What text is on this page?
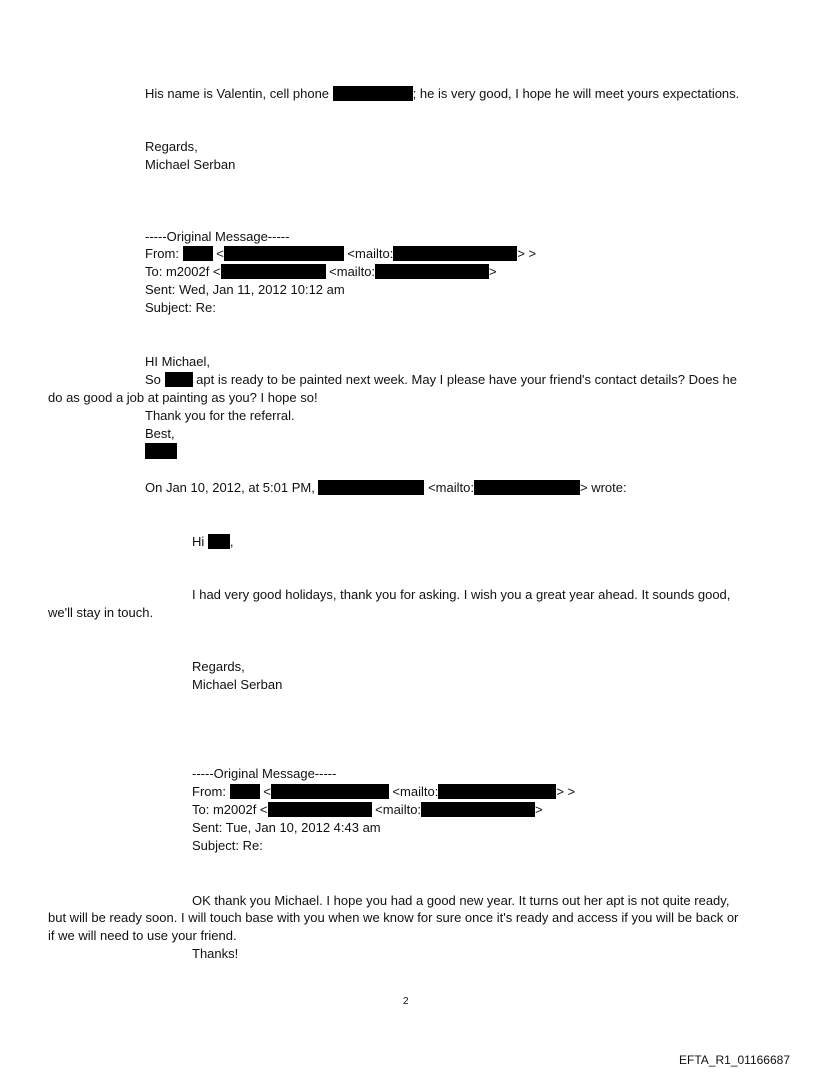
His name is Valentin, cell phone	; he is very good, I hope he will meet yours expectations.
Regards,
Michael Serban
-----Original Message-----
From:	<	<mailto:	> >
To: m2002f <	<mailto:	>
Sent: Wed, Jan 11, 2012 10:12 am
Subject: Re:
HI Michael,
So	apt is ready to be painted next week. May I please have your friend's contact details? Does he
do as good a job at painting as you? I hope so!
Thank you for the referral.
Best,
On Jan 10, 2012, at 5:01 PM,	<mailto:	> wrote:
Hi ,
I had very good holidays, thank you for asking. I wish you a great year ahead. It sounds good,
we'll stay in touch.
Regards,
Michael Serban
-----Original Message-----
From:	<	<mailto:	> >
To: m2002f <	<mailto:	>
Sent: Tue, Jan 10, 2012 4:43 am
Subject: Re:
OK thank you Michael. I hope you had a good new year. It turns out her apt is not quite ready,
but will be ready soon. I will touch base with you when we know for sure once it's ready and access if you will be back or
if we will need to use your friend.
Thanks!
2
EFTA_R1_01166687
